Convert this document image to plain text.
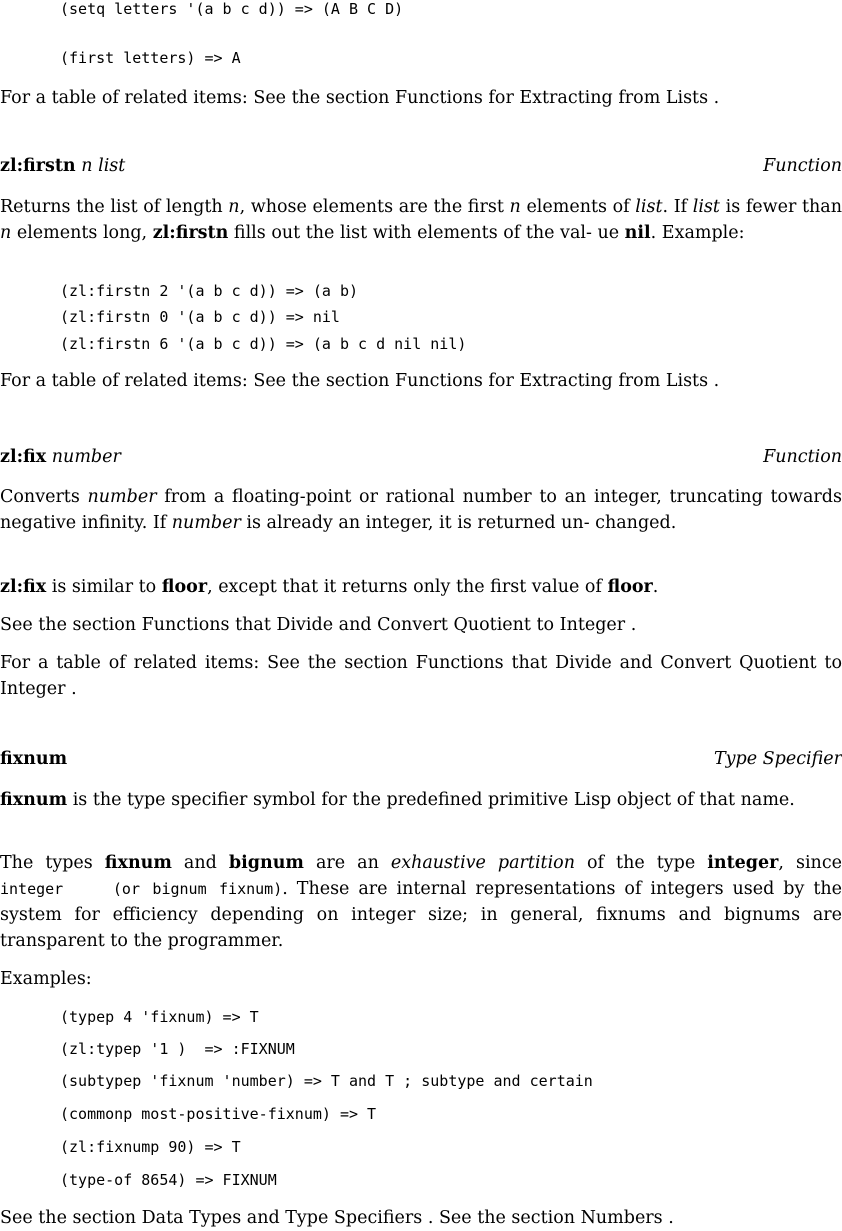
(setq letters '(a b c d)) => (A B C D)
(first letters) => A
For a table of related items: See the section Functions for Extracting from Lists .
zl:firstn n list	Function
Returns the list of length n, whose elements are the first n elements of list. If list is fewer than n elements long, zl:firstn fills out the list with elements of the val- ue nil. Example:
(zl:firstn 2 '(a b c d)) => (a b)
(zl:firstn 0 '(a b c d)) => nil
(zl:firstn 6 '(a b c d)) => (a b c d nil nil)
For a table of related items: See the section Functions for Extracting from Lists .
zl:fix number	Function
Converts number from a floating-point or rational number to an integer, truncating towards negative infinity. If number is already an integer, it is returned un- changed.
zl:fix is similar to floor, except that it returns only the first value of floor.
See the section Functions that Divide and Convert Quotient to Integer .
For a table of related items: See the section Functions that Divide and Convert Quotient to Integer .
fixnum	Type Specifier
fixnum is the type specifier symbol for the predefined primitive Lisp object of that name.
The types fixnum and bignum are an exhaustive partition of the type integer, since integer    (or bignum fixnum). These are internal representations of integers used by the system for efficiency depending on integer size; in general, fixnums and bignums are transparent to the programmer.
Examples:
(typep 4 'fixnum) => T
(zl:typep '1 )  => :FIXNUM
(subtypep 'fixnum 'number) => T and T ; subtype and certain
(commonp most-positive-fixnum) => T
(zl:fixnump 90) => T
(type-of 8654) => FIXNUM
See the section Data Types and Type Specifiers . See the section Numbers .
